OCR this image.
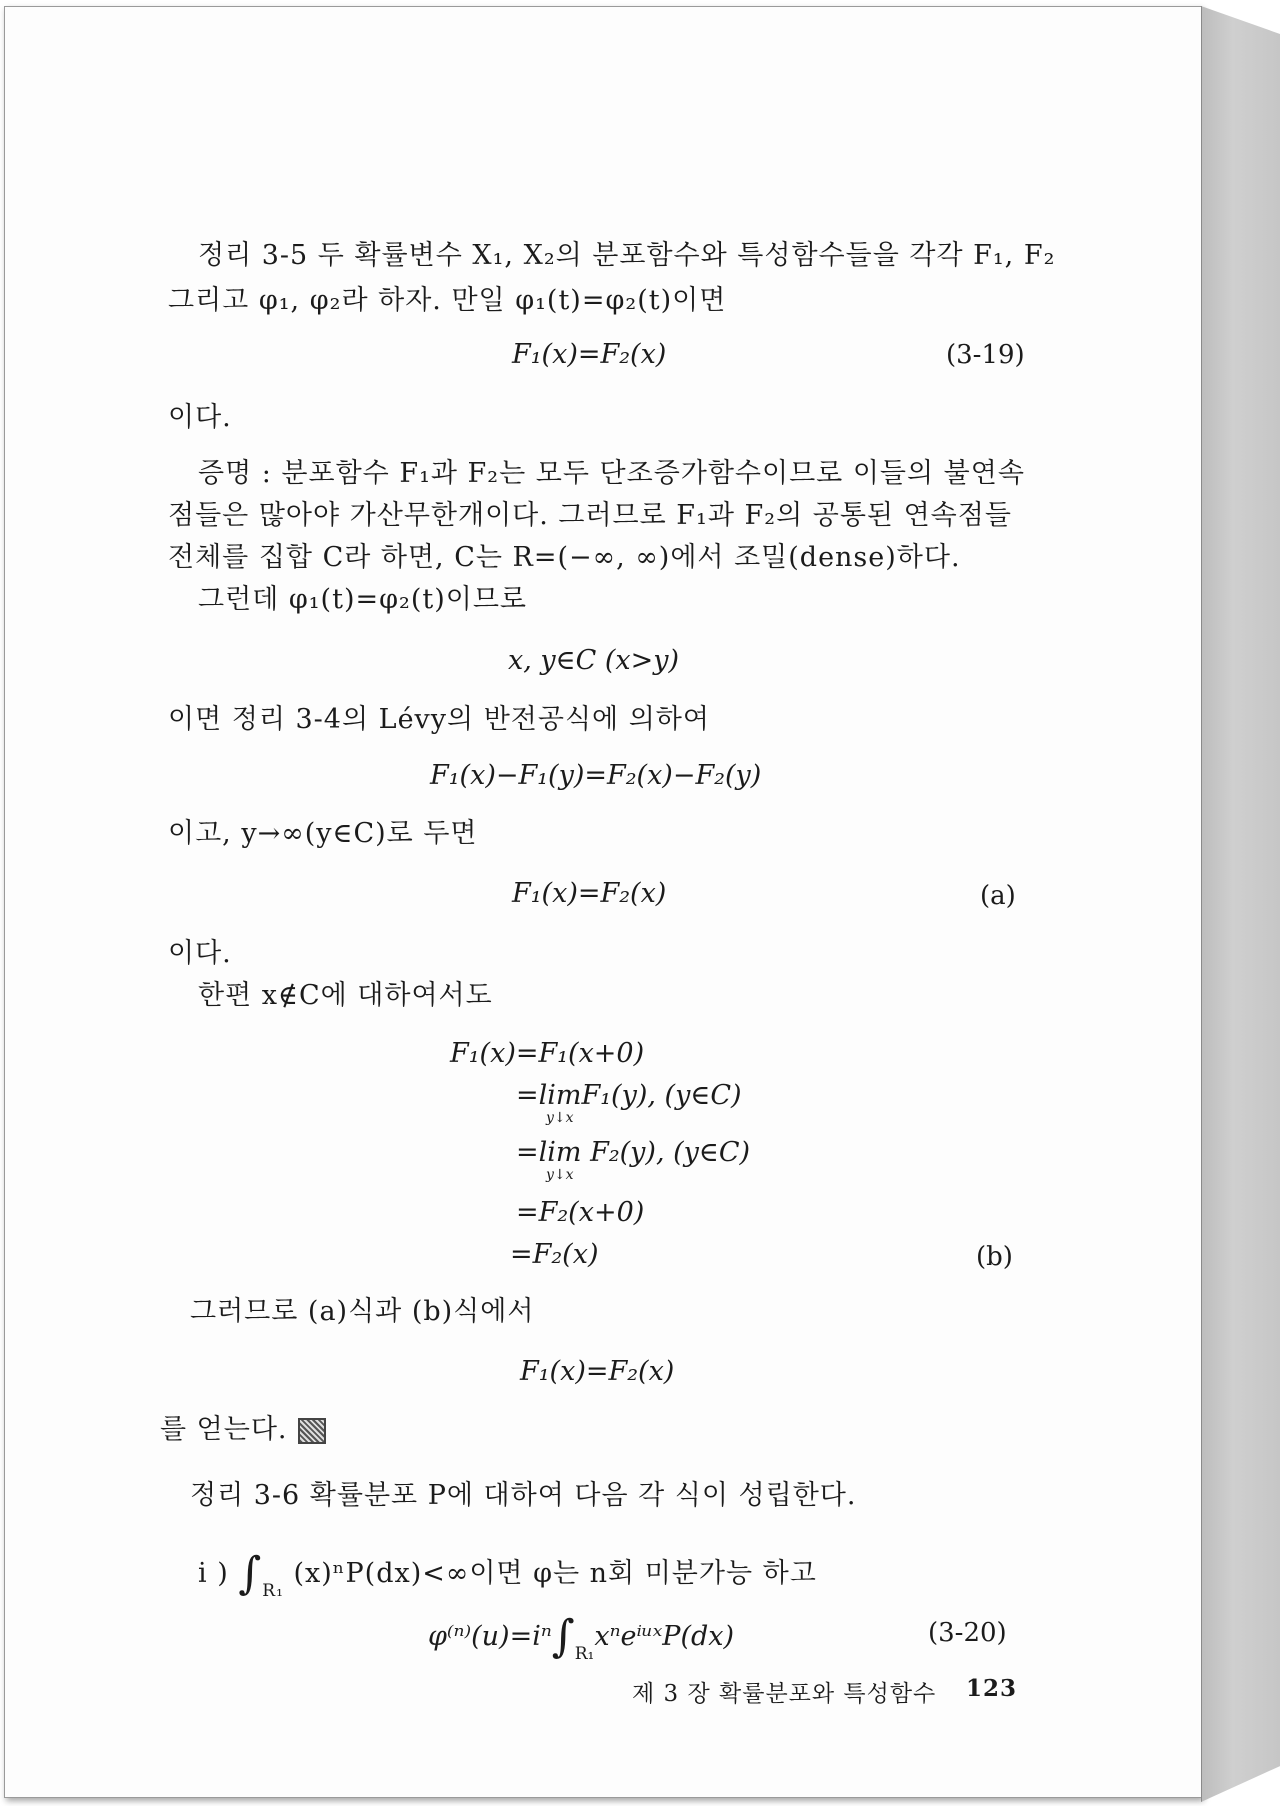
정리 3-5 두 확률변수 X₁, X₂의 분포함수와 특성함수들을 각각 F₁, F₂
그리고 φ₁, φ₂라 하자. 만일 φ₁(t)=φ₂(t)이면
F₁(x)=F₂(x)	(3-19)
이다.
증명 : 분포함수 F₁과 F₂는 모두 단조증가함수이므로 이들의 불연속
점들은 많아야 가산무한개이다. 그러므로 F₁과 F₂의 공통된 연속점들
전체를 집합 C라 하면, C는 R=(−∞, ∞)에서 조밀(dense)하다.
그런데 φ₁(t)=φ₂(t)이므로
x, y∈C (x>y)
이면 정리 3-4의 Lévy의 반전공식에 의하여
F₁(x)−F₁(y)=F₂(x)−F₂(y)
이고, y→∞(y∈C)로 두면
F₁(x)=F₂(x)	(a)
이다.
한편 x∉C에 대하여서도
F₁(x)=F₁(x+0)
=limF₁(y), (y∈C)
y↓x
=lim F₂(y), (y∈C)
y↓x
=F₂(x+0)
=F₂(x)	(b)
그러므로 (a)식과 (b)식에서
F₁(x)=F₂(x)
를 얻는다.
정리 3-6 확률분포 P에 대하여 다음 각 식이 성립한다.
i ) $\int_{R_1}$ (x)ⁿP(dx)<∞이면 φ는 n회 미분가능 하고
$\varphi^{(n)}(u)=i^n\int_{R_1}x^ne^iᵘˣP(dx)$	(3-20)
제 3 장 확률분포와 특성함수 123
